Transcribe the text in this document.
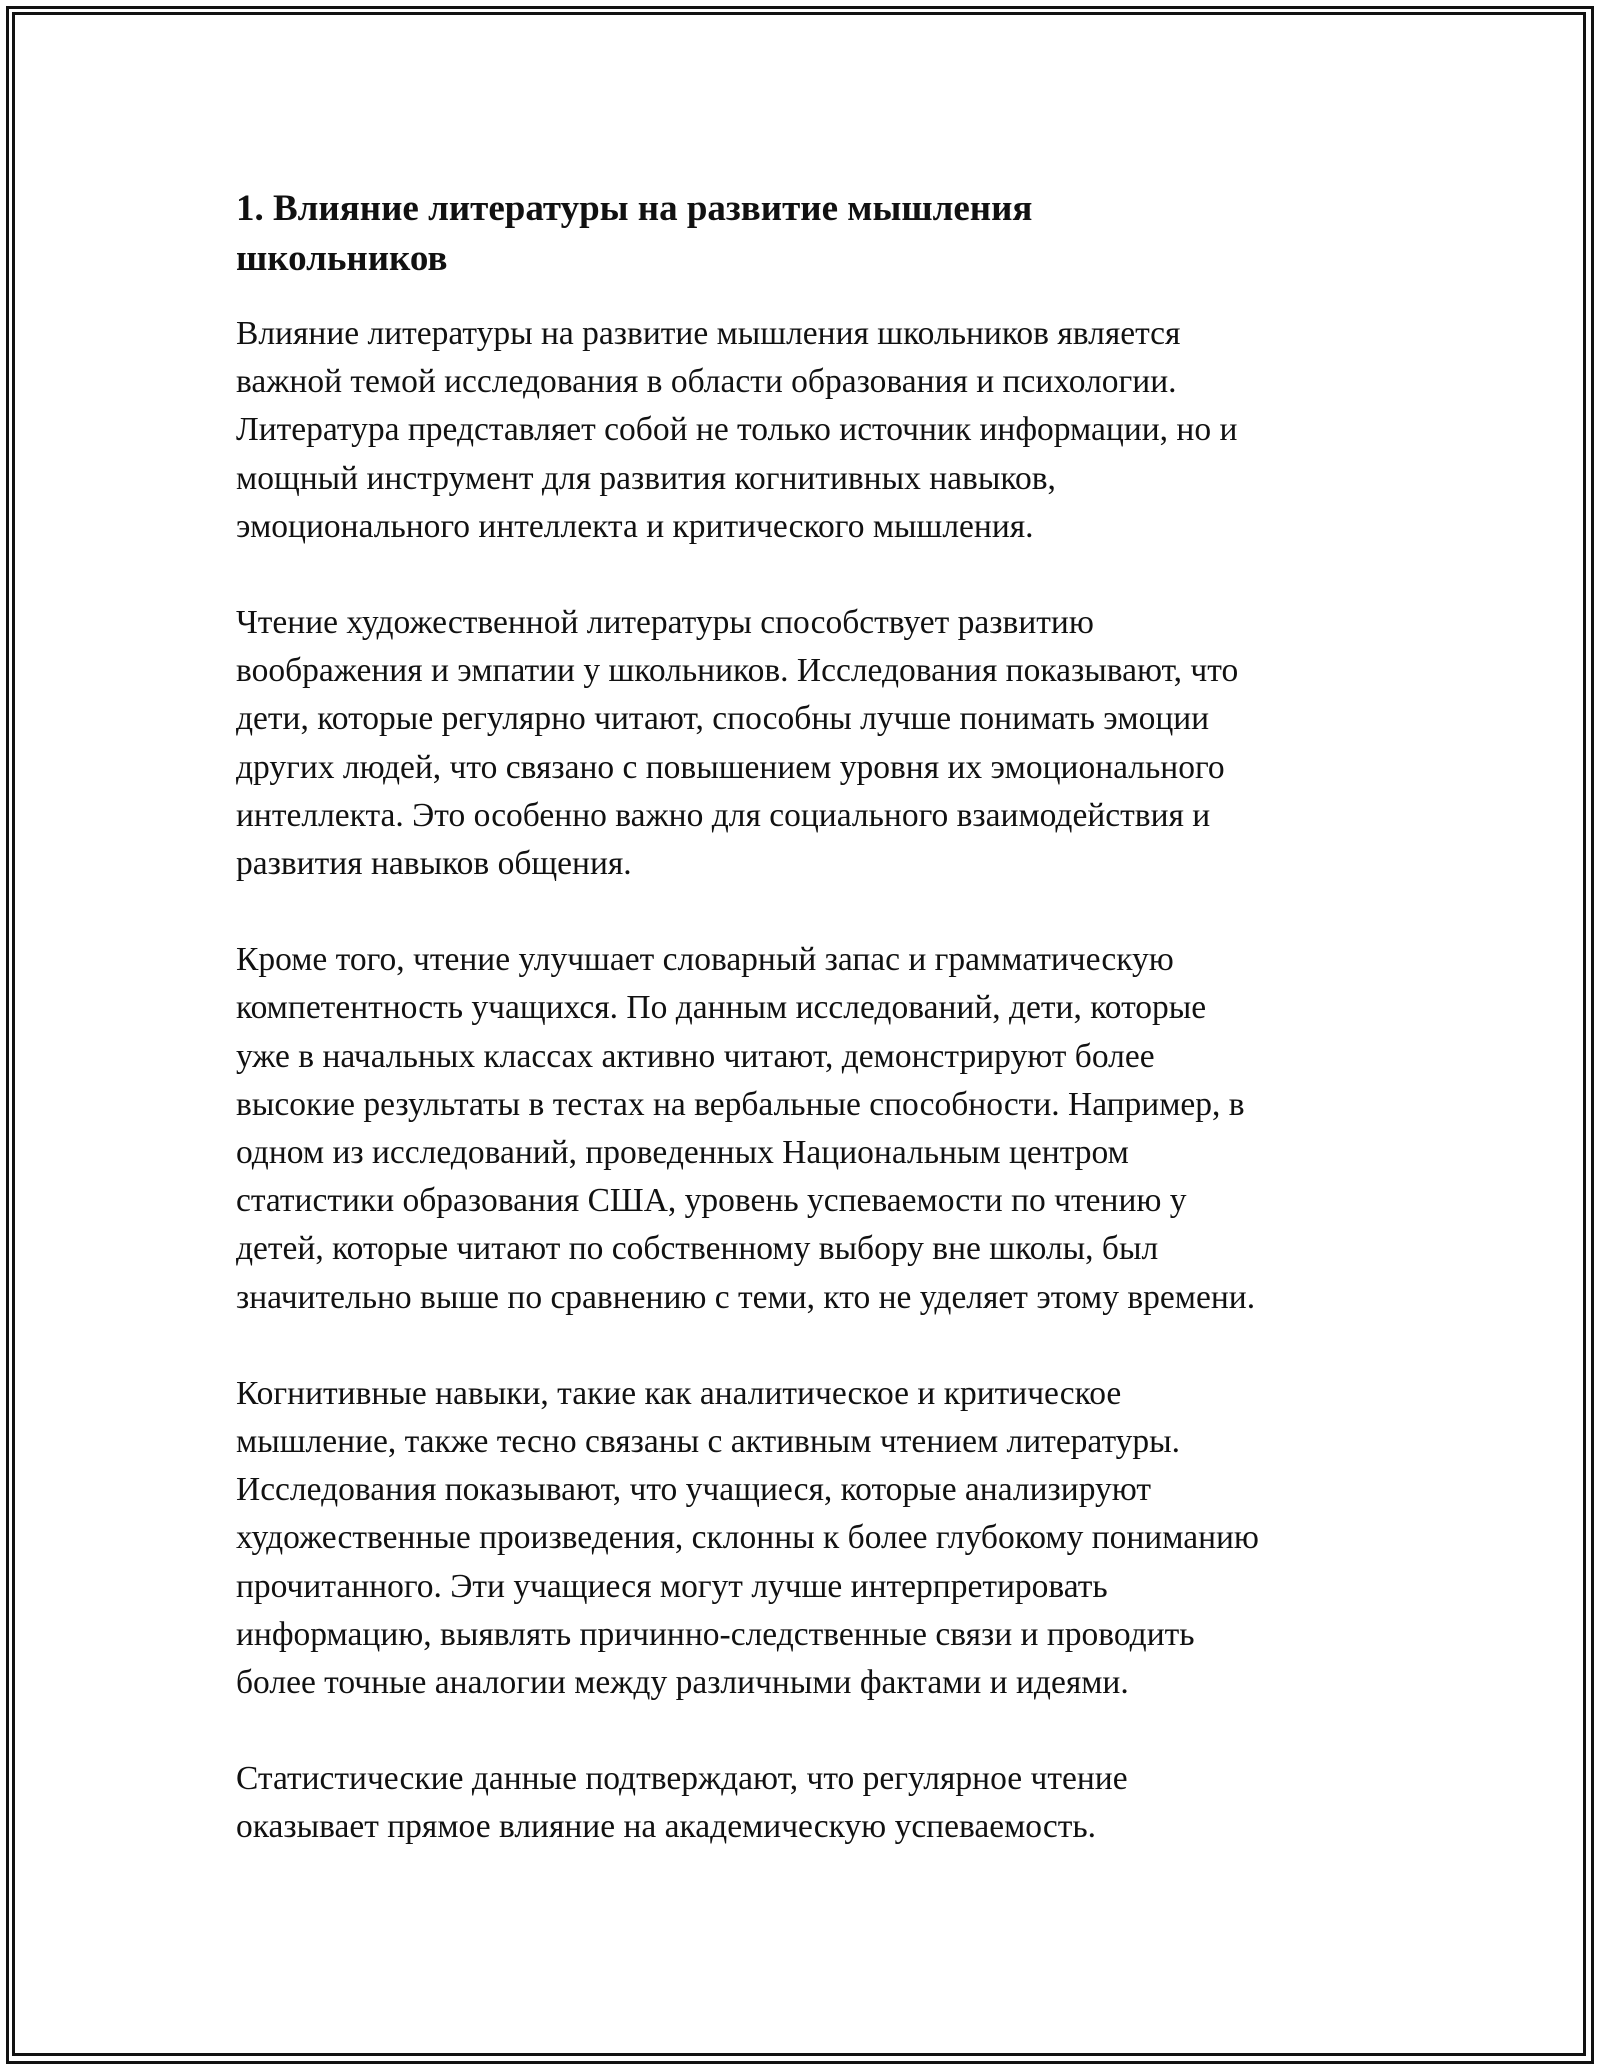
1. Влияние литературы на развитие мышления
школьников

Влияние литературы на развитие мышления школьников является
важной темой исследования в области образования и психологии.
Литература представляет собой не только источник информации, но и
мощный инструмент для развития когнитивных навыков,
эмоционального интеллекта и критического мышления.

Чтение художественной литературы способствует развитию
воображения и эмпатии у школьников. Исследования показывают, что
дети, которые регулярно читают, способны лучше понимать эмоции
других людей, что связано с повышением уровня их эмоционального
интеллекта. Это особенно важно для социального взаимодействия и
развития навыков общения.

Кроме того, чтение улучшает словарный запас и грамматическую
компетентность учащихся. По данным исследований, дети, которые
уже в начальных классах активно читают, демонстрируют более
высокие результаты в тестах на вербальные способности. Например, в
одном из исследований, проведенных Национальным центром
статистики образования США, уровень успеваемости по чтению у
детей, которые читают по собственному выбору вне школы, был
значительно выше по сравнению с теми, кто не уделяет этому времени.

Когнитивные навыки, такие как аналитическое и критическое
мышление, также тесно связаны с активным чтением литературы.
Исследования показывают, что учащиеся, которые анализируют
художественные произведения, склонны к более глубокому пониманию
прочитанного. Эти учащиеся могут лучше интерпретировать
информацию, выявлять причинно-следственные связи и проводить
более точные аналогии между различными фактами и идеями.

Статистические данные подтверждают, что регулярное чтение
оказывает прямое влияние на академическую успеваемость.
